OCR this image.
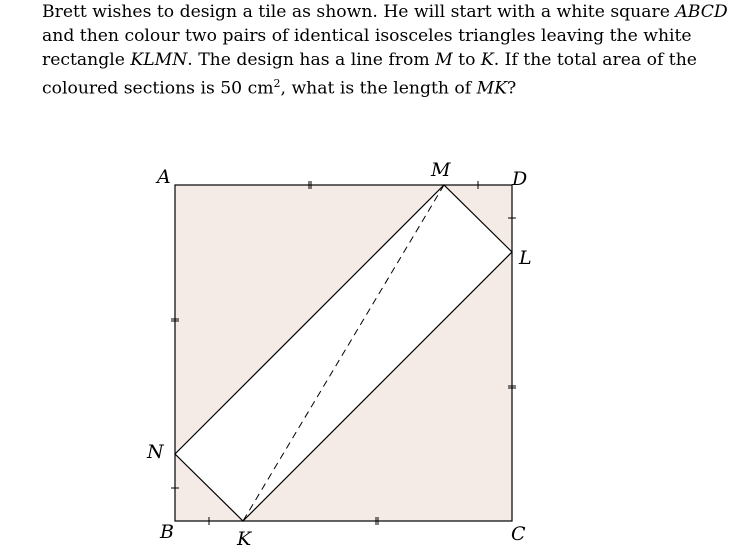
Brett wishes to design a tile as shown. He will start with a white square ABCD
and then colour two pairs of identical isosceles triangles leaving the white
rectangle KLMN. The design has a line from M to K. If the total area of the
coloured sections is 50 $cm^2$, what is the length of MK?
A
B	C
D
K
L
M
N
